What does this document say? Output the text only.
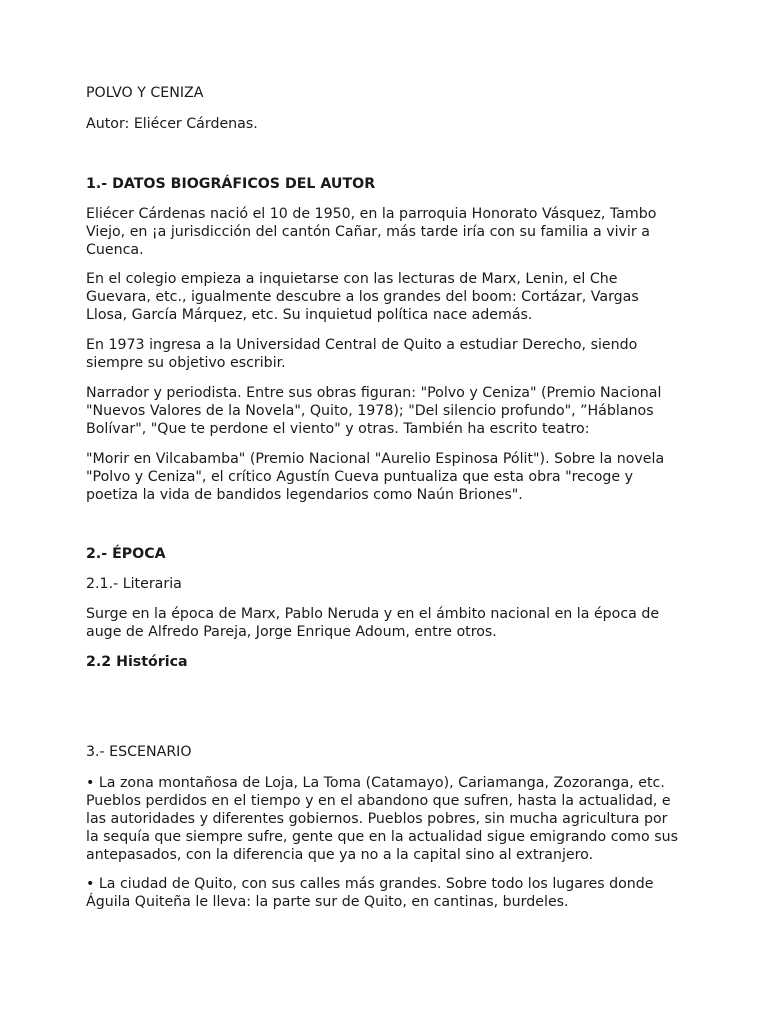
POLVO Y CENIZA

Autor: Eliécer Cárdenas.

1.- DATOS BIOGRÁFICOS DEL AUTOR

Eliécer Cárdenas nació el 10 de 1950, en la parroquia Honorato Vásquez, Tambo
Viejo, en ¡a jurisdicción del cantón Cañar, más tarde iría con su familia a vivir a
Cuenca.

En el colegio empieza a inquietarse con las lecturas de Marx, Lenin, el Che
Guevara, etc., igualmente descubre a los grandes del boom: Cortázar, Vargas
Llosa, García Márquez, etc. Su inquietud política nace además.

En 1973 ingresa a la Universidad Central de Quito a estudiar Derecho, siendo
siempre su objetivo escribir.

Narrador y periodista. Entre sus obras figuran: "Polvo y Ceniza" (Premio Nacional
"Nuevos Valores de la Novela", Quito, 1978); "Del silencio profundo", ”Háblanos
Bolívar", "Que te perdone el viento" y otras. También ha escrito teatro:

"Morir en Vilcabamba" (Premio Nacional "Aurelio Espinosa Pólit"). Sobre la novela
"Polvo y Ceniza", el crítico Agustín Cueva puntualiza que esta obra "recoge y
poetiza la vida de bandidos legendarios como Naún Briones".

2.- ÉPOCA

2.1.- Literaria

Surge en la época de Marx, Pablo Neruda y en el ámbito nacional en la época de
auge de Alfredo Pareja, Jorge Enrique Adoum, entre otros.

2.2 Histórica

3.- ESCENARIO

• La zona montañosa de Loja, La Toma (Catamayo), Cariamanga, Zozoranga, etc.
Pueblos perdidos en el tiempo y en el abandono que sufren, hasta la actualidad, e
las autoridades y diferentes gobiernos. Pueblos pobres, sin mucha agricultura por
la sequía que siempre sufre, gente que en la actualidad sigue emigrando como sus
antepasados, con la diferencia que ya no a la capital sino al extranjero.

• La ciudad de Quito, con sus calles más grandes. Sobre todo los lugares donde
Águila Quiteña le lleva: la parte sur de Quito, en cantinas, burdeles.
